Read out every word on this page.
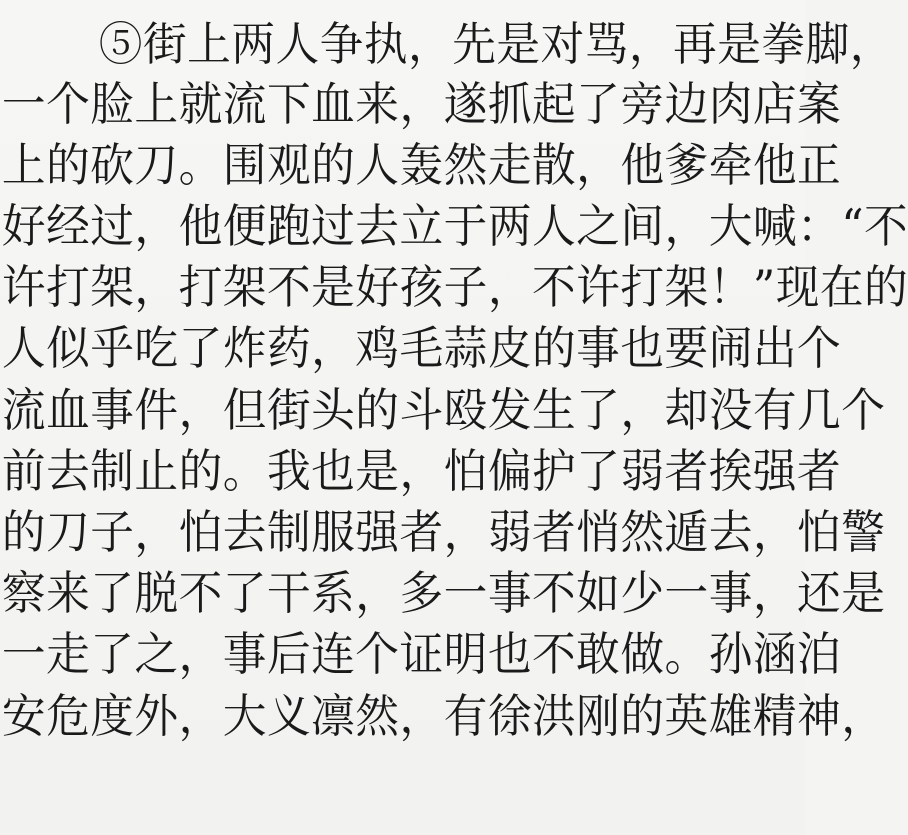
⑤街上两人争执，先是对骂，再是拳脚，
一个脸上就流下血来，遂抓起了旁边肉店案
上的砍刀。围观的人轰然走散，他爹牵他正
好经过，他便跑过去立于两人之间，大喊：“不
许打架，打架不是好孩子，不许打架！”现在的
人似乎吃了炸药，鸡毛蒜皮的事也要闹出个
流血事件，但街头的斗殴发生了，却没有几个
前去制止的。我也是，怕偏护了弱者挨强者
的刀子，怕去制服强者，弱者悄然遁去，怕警
察来了脱不了干系，多一事不如少一事，还是
一走了之，事后连个证明也不敢做。孙涵泊
安危度外，大义凛然，有徐洪刚的英雄精神，
